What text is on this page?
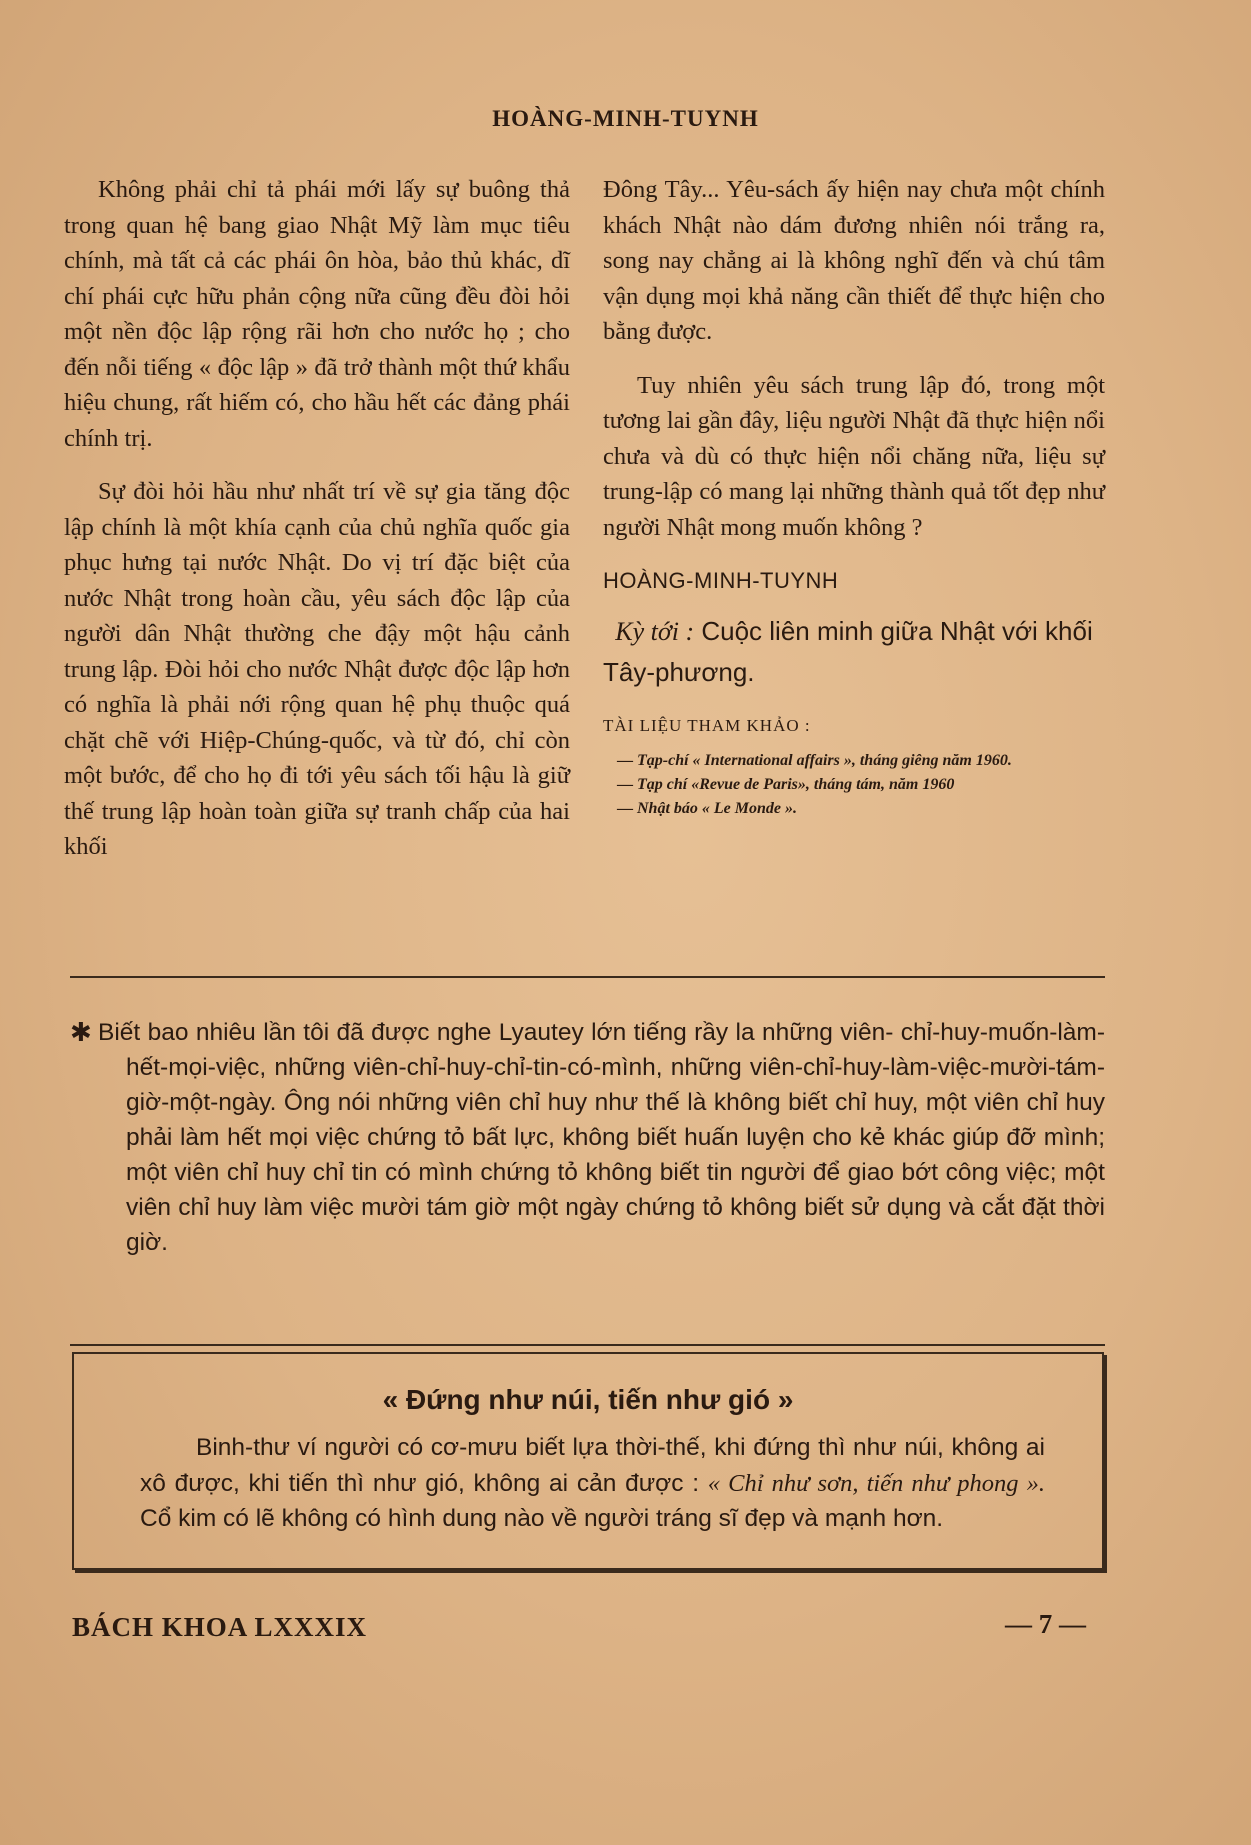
HOÀNG-MINH-TUYNH

Không phải chỉ tả phái mới lấy sự buông thả trong quan hệ bang giao Nhật Mỹ làm mục tiêu chính, mà tất cả các phái ôn hòa, bảo thủ khác, dĩ chí phái cực hữu phản cộng nữa cũng đều đòi hỏi một nền độc lập rộng rãi hơn cho nước họ ; cho đến nỗi tiếng « độc lập » đã trở thành một thứ khẩu hiệu chung, rất hiếm có, cho hầu hết các đảng phái chính trị.

Sự đòi hỏi hầu như nhất trí về sự gia tăng độc lập chính là một khía cạnh của chủ nghĩa quốc gia phục hưng tại nước Nhật. Do vị trí đặc biệt của nước Nhật trong hoàn cầu, yêu sách độc lập của người dân Nhật thường che đậy một hậu cảnh trung lập. Đòi hỏi cho nước Nhật được độc lập hơn có nghĩa là phải nới rộng quan hệ phụ thuộc quá chặt chẽ với Hiệp-Chúng-quốc, và từ đó, chỉ còn một bước, để cho họ đi tới yêu sách tối hậu là giữ thế trung lập hoàn toàn giữa sự tranh chấp của hai khối

Đông Tây... Yêu-sách ấy hiện nay chưa một chính khách Nhật nào dám đương nhiên nói trắng ra, song nay chẳng ai là không nghĩ đến và chú tâm vận dụng mọi khả năng cần thiết để thực hiện cho bằng được.

Tuy nhiên yêu sách trung lập đó, trong một tương lai gần đây, liệu người Nhật đã thực hiện nổi chưa và dù có thực hiện nổi chăng nữa, liệu sự trung-lập có mang lại những thành quả tốt đẹp như người Nhật mong muốn không ?

HOÀNG-MINH-TUYNH
Kỳ tới : Cuộc liên minh giữa Nhật với khối Tây-phương.
TÀI LIỆU THAM KHẢO :
— Tạp-chí « International affairs », tháng giêng năm 1960.
— Tạp chí «Revue de Paris», tháng tám, năm 1960
— Nhật báo « Le Monde ».
✱ Biết bao nhiêu lần tôi đã được nghe Lyautey lớn tiếng rầy la những viên- chỉ-huy-muốn-làm-hết-mọi-việc, những viên-chỉ-huy-chỉ-tin-có-mình, những viên-chỉ-huy-làm-việc-mười-tám-giờ-một-ngày. Ông nói những viên chỉ huy như thế là không biết chỉ huy, một viên chỉ huy phải làm hết mọi việc chứng tỏ bất lực, không biết huấn luyện cho kẻ khác giúp đỡ mình; một viên chỉ huy chỉ tin có mình chứng tỏ không biết tin người để giao bớt công việc; một viên chỉ huy làm việc mười tám giờ một ngày chứng tỏ không biết sử dụng và cắt đặt thời giờ.
« Đứng như núi, tiến như gió »
Binh-thư ví người có cơ-mưu biết lựa thời-thế, khi đứng thì như núi, không ai xô được, khi tiến thì như gió, không ai cản được : « Chỉ như sơn, tiến như phong ». Cổ kim có lẽ không có hình dung nào về người tráng sĩ đẹp và mạnh hơn.
BÁCH KHOA LXXXIX	— 7 —
